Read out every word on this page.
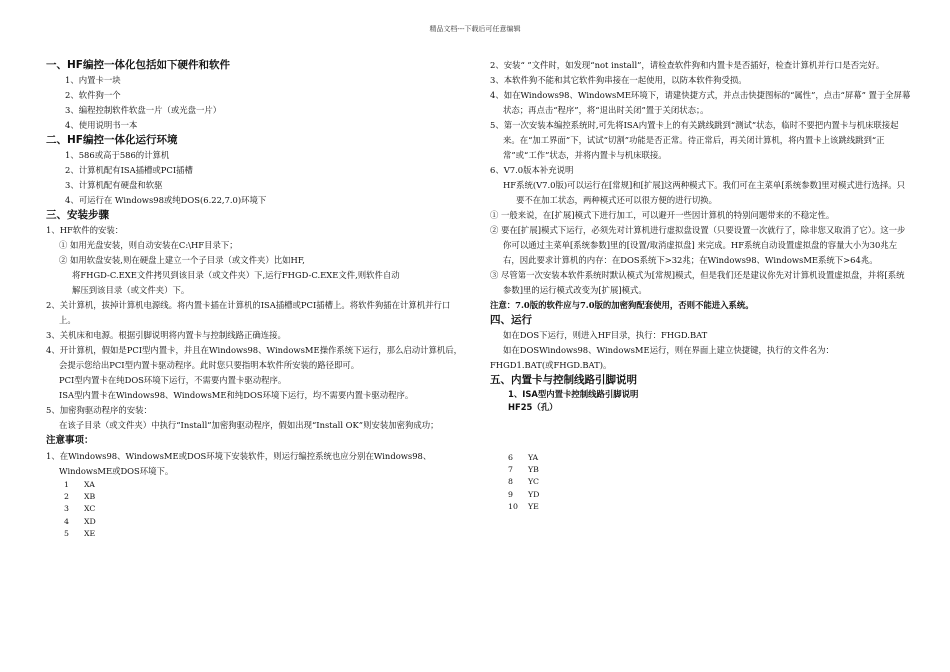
精品文档---下载后可任意编辑

一、HF编控一体化包括如下硬件和软件

1、内置卡一块

2、软件狗一个

3、编程控制软件软盘一片（或光盘一片）

4、使用说明书一本

二、HF编控一体化运行环境

1、586或高于586的计算机

2、计算机配有ISA插槽或PCI插槽

3、计算机配有硬盘和软驱

4、可运行在 Windows98或纯DOS(6.22,7.0)环境下

三、安装步骤

1、HF软件的安装：

① 如用光盘安装，则自动安装在C:\HF目录下；

② 如用软盘安装,则在硬盘上建立一个子目录（或文件夹）比如HF,

将FHGD-C.EXE文件拷贝到该目录（或文件夹）下,运行FHGD-C.EXE文件,则软件自动

解压到该目录（或文件夹）下。

2、关计算机，拔掉计算机电源线。将内置卡插在计算机的ISA插槽或PCI插槽上。将软件狗插在计算机并行口上。

3、关机床和电源。根据引脚说明将内置卡与控制线路正确连接。

4、开计算机，假如是PCI型内置卡，并且在Windows98、WindowsME操作系统下运行，那么启动计算机后，会提示您给出PCI型内置卡驱动程序。此时您只要指明本软件所安装的路径即可。

PCI型内置卡在纯DOS环境下运行，不需要内置卡驱动程序。

ISA型内置卡在Windows98、WindowsME和纯DOS环境下运行，均不需要内置卡驱动程序。

5、加密狗驱动程序的安装：

在该子目录（或文件夹）中执行“Install”加密狗驱动程序，假如出现“Install OK”则安装加密狗成功；

注意事项：

1、在Windows98、WindowsME或DOS环境下安装软件，则运行编控系统也应分别在Windows98、WindowsME或DOS环境下。

1 XA

2 XB

3 XC

4 XD

5 XE

2、安装“ ”文件时，如发现“not install”，请检查软件狗和内置卡是否插好，检查计算机并行口是否完好。

3、本软件狗不能和其它软件狗串接在一起使用，以防本软件狗受损。

4、如在Windows98、WindowsME环境下，请建快捷方式，并点击快捷图标的“属性”，点击“屏幕” 置于全屏幕状态；再点击“程序”，将“退出时关闭”置于关闭状态；。

5、第一次安装本编控系统时,可先将ISA内置卡上的有关跳线跳到“测试”状态，临时不要把内置卡与机床联接起来。在“加工界面”下，试试“切割”功能是否正常。待正常后，再关闭计算机，将内置卡上该跳线跳到“正常”或“工作”状态，并将内置卡与机床联接。

6、V7.0版本补充说明

HF系统(V7.0版)可以运行在[常规]和[扩展]这两种模式下。我们可在主菜单[系统参数]里对模式进行选择。只要不在加工状态，两种模式还可以很方便的进行切换。

① 一般来说，在[扩展]模式下进行加工，可以避开一些因计算机的特别问题带来的不稳定性。

② 要在[扩展]模式下运行，必须先对计算机进行虚拟盘设置（只要设置一次就行了，除非您又取消了它）。这一步你可以通过主菜单[系统参数]里的[设置/取消虚拟盘] 来完成。HF系统自动设置虚拟盘的容量大小为30兆左右，因此要求计算机的内存：在DOS系统下>32兆；在Windows98、WindowsME系统下>64兆。

③ 尽管第一次安装本软件系统时默认模式为[常规]模式，但是我们还是建议你先对计算机设置虚拟盘，并将[系统参数]里的运行模式改变为[扩展]模式。

注意：7.0版的软件应与7.0版的加密狗配套使用，否则不能进入系统。

四、运行

如在DOS下运行，则进入HF目录，执行：FHGD.BAT

如在DOSWindows98、WindowsME运行，则在界面上建立快捷键，执行的文件名为：

FHGD1.BAT(或FHGD.BAT)。

五、内置卡与控制线路引脚说明

1、ISA型内置卡控制线路引脚说明

HF25（孔）

6 YA

7 YB

8 YC

9 YD

10 YE
